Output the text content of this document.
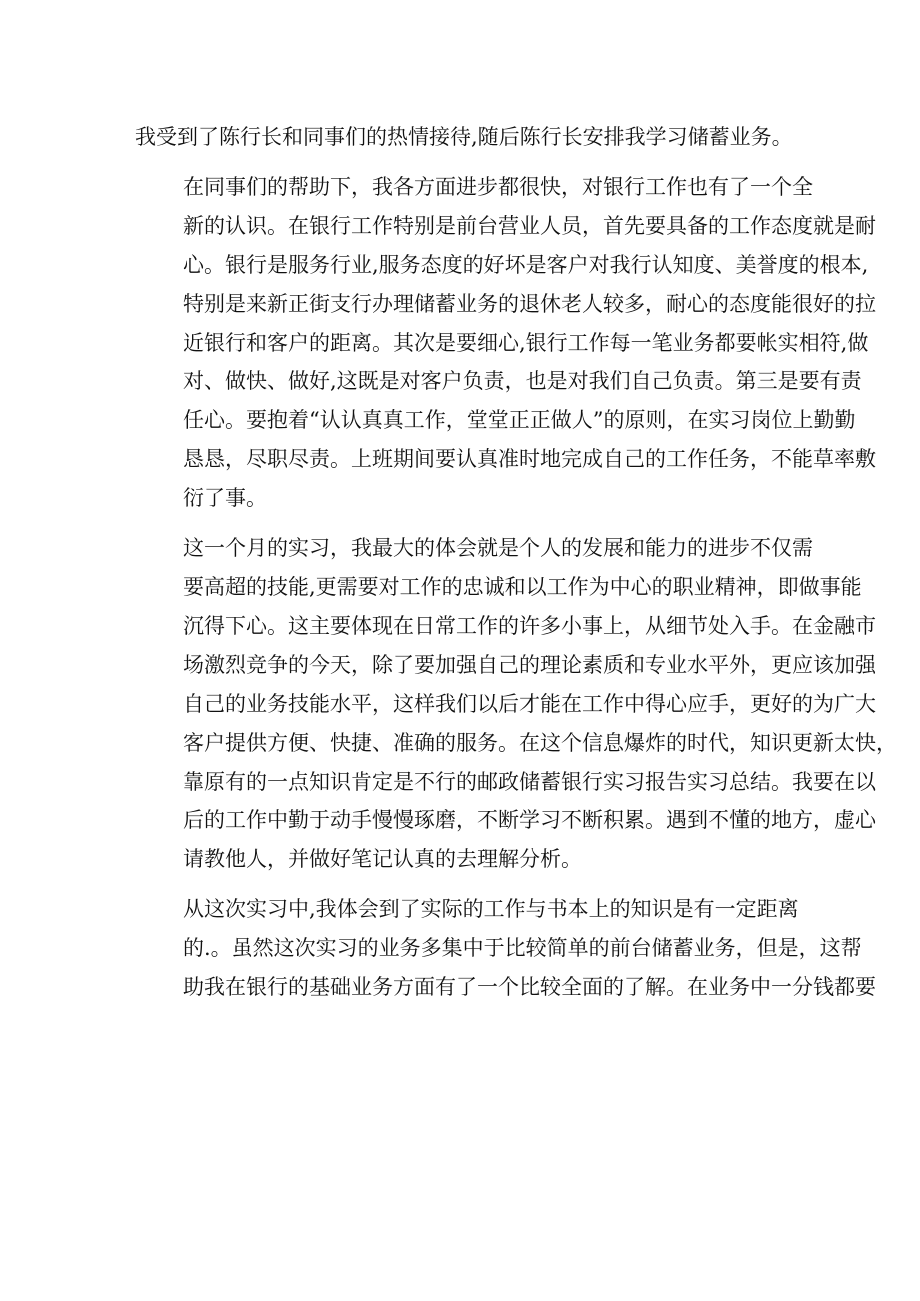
我受到了陈行长和同事们的热情接待,随后陈行长安排我学习储蓄业务。

在同事们的帮助下，我各方面进步都很快，对银行工作也有了一个全
新的认识。在银行工作特别是前台营业人员，首先要具备的工作态度就是耐
心。银行是服务行业,服务态度的好坏是客户对我行认知度、美誉度的根本,
特别是来新正街支行办理储蓄业务的退休老人较多，耐心的态度能很好的拉
近银行和客户的距离。其次是要细心,银行工作每一笔业务都要帐实相符,做
对、做快、做好,这既是对客户负责，也是对我们自己负责。第三是要有责
任心。要抱着“认认真真工作，堂堂正正做人”的原则，在实习岗位上勤勤
恳恳，尽职尽责。上班期间要认真准时地完成自己的工作任务，不能草率敷
衍了事。

这一个月的实习，我最大的体会就是个人的发展和能力的进步不仅需
要高超的技能,更需要对工作的忠诚和以工作为中心的职业精神，即做事能
沉得下心。这主要体现在日常工作的许多小事上，从细节处入手。在金融市
场激烈竞争的今天，除了要加强自己的理论素质和专业水平外，更应该加强
自己的业务技能水平，这样我们以后才能在工作中得心应手，更好的为广大
客户提供方便、快捷、准确的服务。在这个信息爆炸的时代，知识更新太快，
靠原有的一点知识肯定是不行的邮政储蓄银行实习报告实习总结。我要在以
后的工作中勤于动手慢慢琢磨，不断学习不断积累。遇到不懂的地方，虚心
请教他人，并做好笔记认真的去理解分析。

从这次实习中,我体会到了实际的工作与书本上的知识是有一定距离
的.。虽然这次实习的业务多集中于比较简单的前台储蓄业务，但是，这帮
助我在银行的基础业务方面有了一个比较全面的了解。在业务中一分钱都要
